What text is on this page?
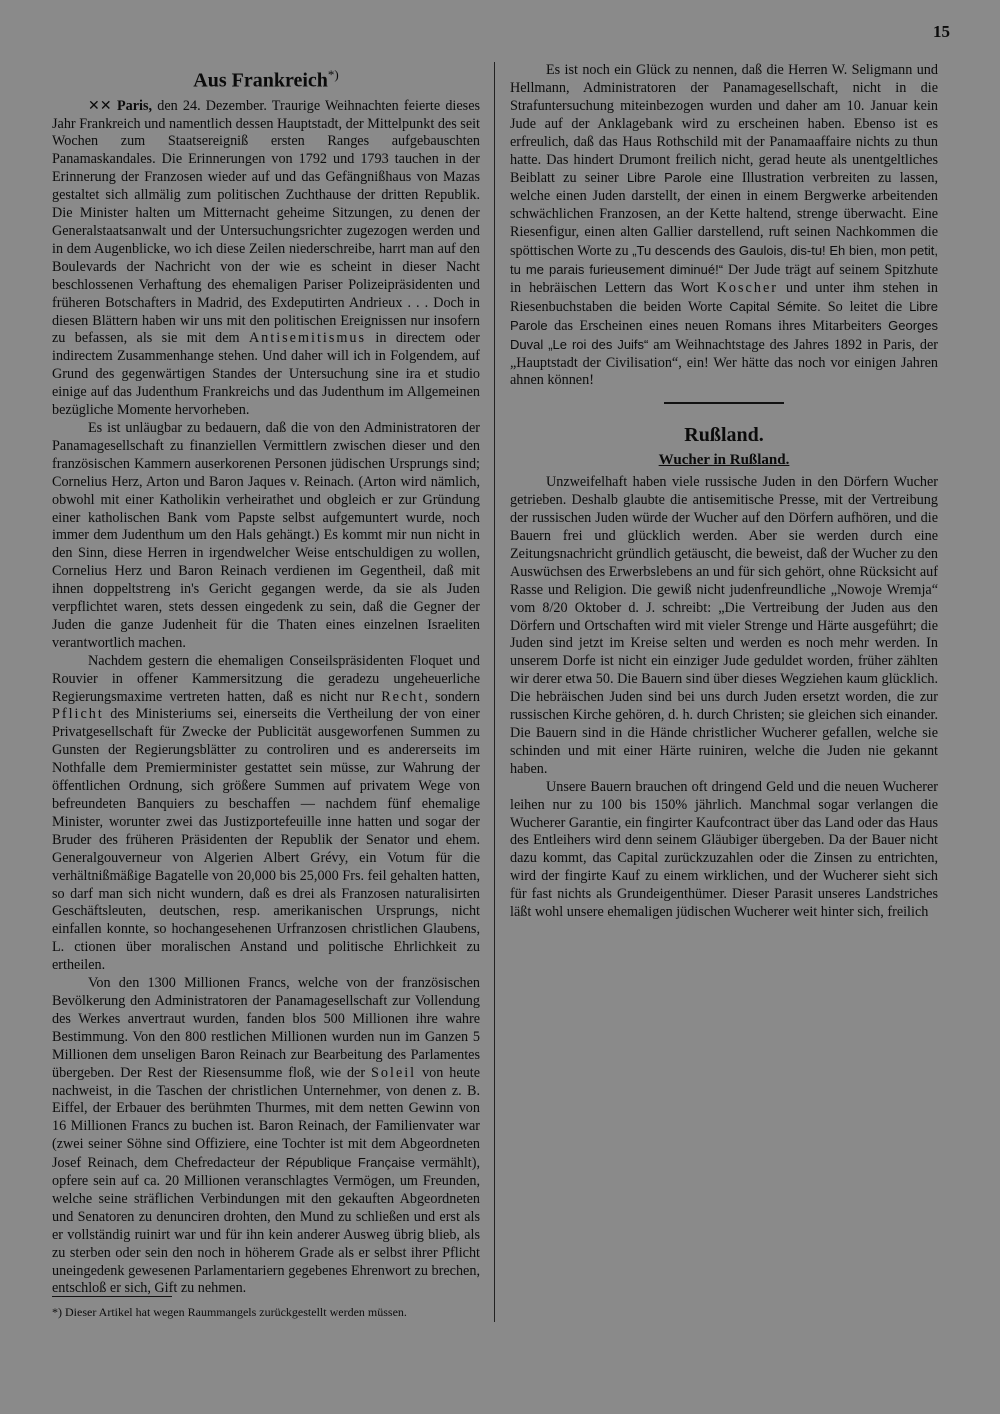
15
Aus Frankreich*)

✕✕ Paris, den 24. Dezember. Traurige Weihnachten feierte dieses Jahr Frankreich und namentlich dessen Hauptstadt, der Mittelpunkt des seit Wochen zum Staatsereigniß ersten Ranges aufgebauschten Panamaskandales. Die Erinnerungen von 1792 und 1793 tauchen in der Erinnerung der Franzosen wieder auf und das Gefängnißhaus von Mazas gestaltet sich allmälig zum politischen Zuchthause der dritten Republik. Die Minister halten um Mitternacht geheime Sitzungen, zu denen der Generalstaatsanwalt und der Untersuchungsrichter zugezogen werden und in dem Augenblicke, wo ich diese Zeilen niederschreibe, harrt man auf den Boulevards der Nachricht von der wie es scheint in dieser Nacht beschlossenen Verhaftung des ehemaligen Pariser Polizeipräsidenten und früheren Botschafters in Madrid, des Exdeputirten Andrieux . . . Doch in diesen Blättern haben wir uns mit den politischen Ereignissen nur insofern zu befassen, als sie mit dem Antisemitismus in directem oder indirectem Zusammenhange stehen. Und daher will ich in Folgendem, auf Grund des gegenwärtigen Standes der Untersuchung sine ira et studio einige auf das Judenthum Frankreichs und das Judenthum im Allgemeinen bezügliche Momente hervorheben.

Es ist unläugbar zu bedauern, daß die von den Administratoren der Panamagesellschaft zu finanziellen Vermittlern zwischen dieser und den französischen Kammern auserkorenen Personen jüdischen Ursprungs sind; Cornelius Herz, Arton und Baron Jaques v. Reinach. (Arton wird nämlich, obwohl mit einer Katholikin verheirathet und obgleich er zur Gründung einer katholischen Bank vom Papste selbst aufgemuntert wurde, noch immer dem Judenthum um den Hals gehängt.) Es kommt mir nun nicht in den Sinn, diese Herren in irgendwelcher Weise entschuldigen zu wollen, Cornelius Herz und Baron Reinach verdienen im Gegentheil, daß mit ihnen doppeltstreng in's Gericht gegangen werde, da sie als Juden verpflichtet waren, stets dessen eingedenk zu sein, daß die Gegner der Juden die ganze Judenheit für die Thaten eines einzelnen Israeliten verantwortlich machen.

Nachdem gestern die ehemaligen Conseilspräsidenten Floquet und Rouvier in offener Kammersitzung die geradezu ungeheuerliche Regierungsmaxime vertreten hatten, daß es nicht nur Recht, sondern Pflicht des Ministeriums sei, einerseits die Vertheilung der von einer Privatgesellschaft für Zwecke der Publicität ausgeworfenen Summen zu Gunsten der Regierungsblätter zu controliren und es andererseits im Nothfalle dem Premierminister gestattet sein müsse, zur Wahrung der öffentlichen Ordnung, sich größere Summen auf privatem Wege von befreundeten Banquiers zu beschaffen — nachdem fünf ehemalige Minister, worunter zwei das Justizportefeuille inne hatten und sogar der Bruder des früheren Präsidenten der Republik der Senator und ehem. Generalgouverneur von Algerien Albert Grévy, ein Votum für die verhältnißmäßige Bagatelle von 20,000 bis 25,000 Frs. feil gehalten hatten, so darf man sich nicht wundern, daß es drei als Franzosen naturalisirten Geschäftsleuten, deutschen, resp. amerikanischen Ursprungs, nicht einfallen konnte, so hochangesehenen Urfranzosen christlichen Glaubens, L. ctionen über moralischen Anstand und politische Ehrlichkeit zu ertheilen.

Von den 1300 Millionen Francs, welche von der französischen Bevölkerung den Administratoren der Panamagesellschaft zur Vollendung des Werkes anvertraut wurden, fanden blos 500 Millionen ihre wahre Bestimmung. Von den 800 restlichen Millionen wurden nun im Ganzen 5 Millionen dem unseligen Baron Reinach zur Bearbeitung des Parlamentes übergeben. Der Rest der Riesensumme floß, wie der Soleil von heute nachweist, in die Taschen der christlichen Unternehmer, von denen z. B. Eiffel, der Erbauer des berühmten Thurmes, mit dem netten Gewinn von 16 Millionen Francs zu buchen ist. Baron Reinach, der Familienvater war (zwei seiner Söhne sind Offiziere, eine Tochter ist mit dem Abgeordneten Josef Reinach, dem Chefredacteur der République Française vermählt), opfere sein auf ca. 20 Millionen veranschlagtes Vermögen, um Freunden, welche seine sträflichen Verbindungen mit den gekauften Abgeordneten und Senatoren zu denunciren drohten, den Mund zu schließen und erst als er vollständig ruinirt war und für ihn kein anderer Ausweg übrig blieb, als zu sterben oder sein den noch in höherem Grade als er selbst ihrer Pflicht uneingedenk gewesenen Parlamentariern gegebenes Ehrenwort zu brechen, entschloß er sich, Gift zu nehmen.

Es ist noch ein Glück zu nennen, daß die Herren W. Seligmann und Hellmann, Administratoren der Panamagesellschaft, nicht in die Strafuntersuchung miteinbezogen wurden und daher am 10. Januar kein Jude auf der Anklagebank wird zu erscheinen haben. Ebenso ist es erfreulich, daß das Haus Rothschild mit der Panamaaffaire nichts zu thun hatte. Das hindert Drumont freilich nicht, gerad heute als unentgeltliches Beiblatt zu seiner Libre Parole eine Illustration verbreiten zu lassen, welche einen Juden darstellt, der einen in einem Bergwerke arbeitenden schwächlichen Franzosen, an der Kette haltend, strenge überwacht. Eine Riesenfigur, einen alten Gallier darstellend, ruft seinen Nachkommen die spöttischen Worte zu „Tu descends des Gaulois, dis-tu! Eh bien, mon petit, tu me parais furieusement diminué!“ Der Jude trägt auf seinem Spitzhute in hebräischen Lettern das Wort Koscher und unter ihm stehen in Riesenbuchstaben die beiden Worte Capital Sémite. So leitet die Libre Parole das Erscheinen eines neuen Romans ihres Mitarbeiters Georges Duval „Le roi des Juifs“ am Weihnachtstage des Jahres 1892 in Paris, der „Hauptstadt der Civilisation“, ein! Wer hätte das noch vor einigen Jahren ahnen können!

Rußland.
Wucher in Rußland.

Unzweifelhaft haben viele russische Juden in den Dörfern Wucher getrieben. Deshalb glaubte die antisemitische Presse, mit der Vertreibung der russischen Juden würde der Wucher auf den Dörfern aufhören, und die Bauern frei und glücklich werden. Aber sie werden durch eine Zeitungsnachricht gründlich getäuscht, die beweist, daß der Wucher zu den Auswüchsen des Erwerbslebens an und für sich gehört, ohne Rücksicht auf Rasse und Religion. Die gewiß nicht judenfreundliche „Nowoje Wremja“ vom 8/20 Oktober d. J. schreibt: „Die Vertreibung der Juden aus den Dörfern und Ortschaften wird mit vieler Strenge und Härte ausgeführt; die Juden sind jetzt im Kreise selten und werden es noch mehr werden. In unserem Dorfe ist nicht ein einziger Jude geduldet worden, früher zählten wir derer etwa 50. Die Bauern sind über dieses Wegziehen kaum glücklich. Die hebräischen Juden sind bei uns durch Juden ersetzt worden, die zur russischen Kirche gehören, d. h. durch Christen; sie gleichen sich einander. Die Bauern sind in die Hände christlicher Wucherer gefallen, welche sie schinden und mit einer Härte ruiniren, welche die Juden nie gekannt haben.

Unsere Bauern brauchen oft dringend Geld und die neuen Wucherer leihen nur zu 100 bis 150% jährlich. Manchmal sogar verlangen die Wucherer Garantie, ein fingirter Kaufcontract über das Land oder das Haus des Entleihers wird denn seinem Gläubiger übergeben. Da der Bauer nicht dazu kommt, das Capital zurückzuzahlen oder die Zinsen zu entrichten, wird der fingirte Kauf zu einem wirklichen, und der Wucherer sieht sich für fast nichts als Grundeigenthümer. Dieser Parasit unseres Landstriches läßt wohl unsere ehemaligen jüdischen Wucherer weit hinter sich, freilich

*) Dieser Artikel hat wegen Raummangels zurückgestellt werden müssen.
